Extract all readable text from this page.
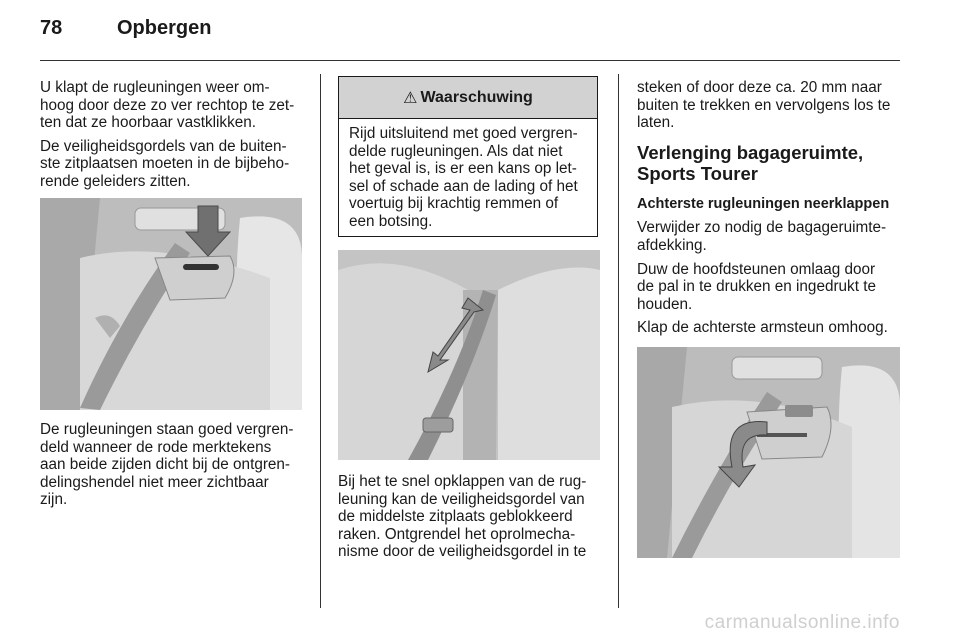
78	Opbergen

U klapt de rugleuningen weer om-
hoog door deze zo ver rechtop te zet-
ten dat ze hoorbaar vastklikken.

De veiligheidsgordels van de buiten-
ste zitplaatsen moeten in de bijbeho-
rende geleiders zitten.

De rugleuningen staan goed vergren-
deld wanneer de rode merktekens
aan beide zijden dicht bij de ontgren-
delingshendel niet meer zichtbaar
zijn.

⚠ Waarschuwing
Rijd uitsluitend met goed vergren-
delde rugleuningen. Als dat niet
het geval is, is er een kans op let-
sel of schade aan de lading of het
voertuig bij krachtig remmen of
een botsing.

Bij het te snel opklappen van de rug-
leuning kan de veiligheidsgordel van
de middelste zitplaats geblokkeerd
raken. Ontgrendel het oprolmecha-
nisme door de veiligheidsgordel in te

steken of door deze ca. 20 mm naar
buiten te trekken en vervolgens los te
laten.

Verlenging bagageruimte,
Sports Tourer

Achterste rugleuningen neerklappen

Verwijder zo nodig de bagageruimte-
afdekking.

Duw de hoofdsteunen omlaag door
de pal in te drukken en ingedrukt te
houden.

Klap de achterste armsteun omhoog.

carmanualsonline.info
